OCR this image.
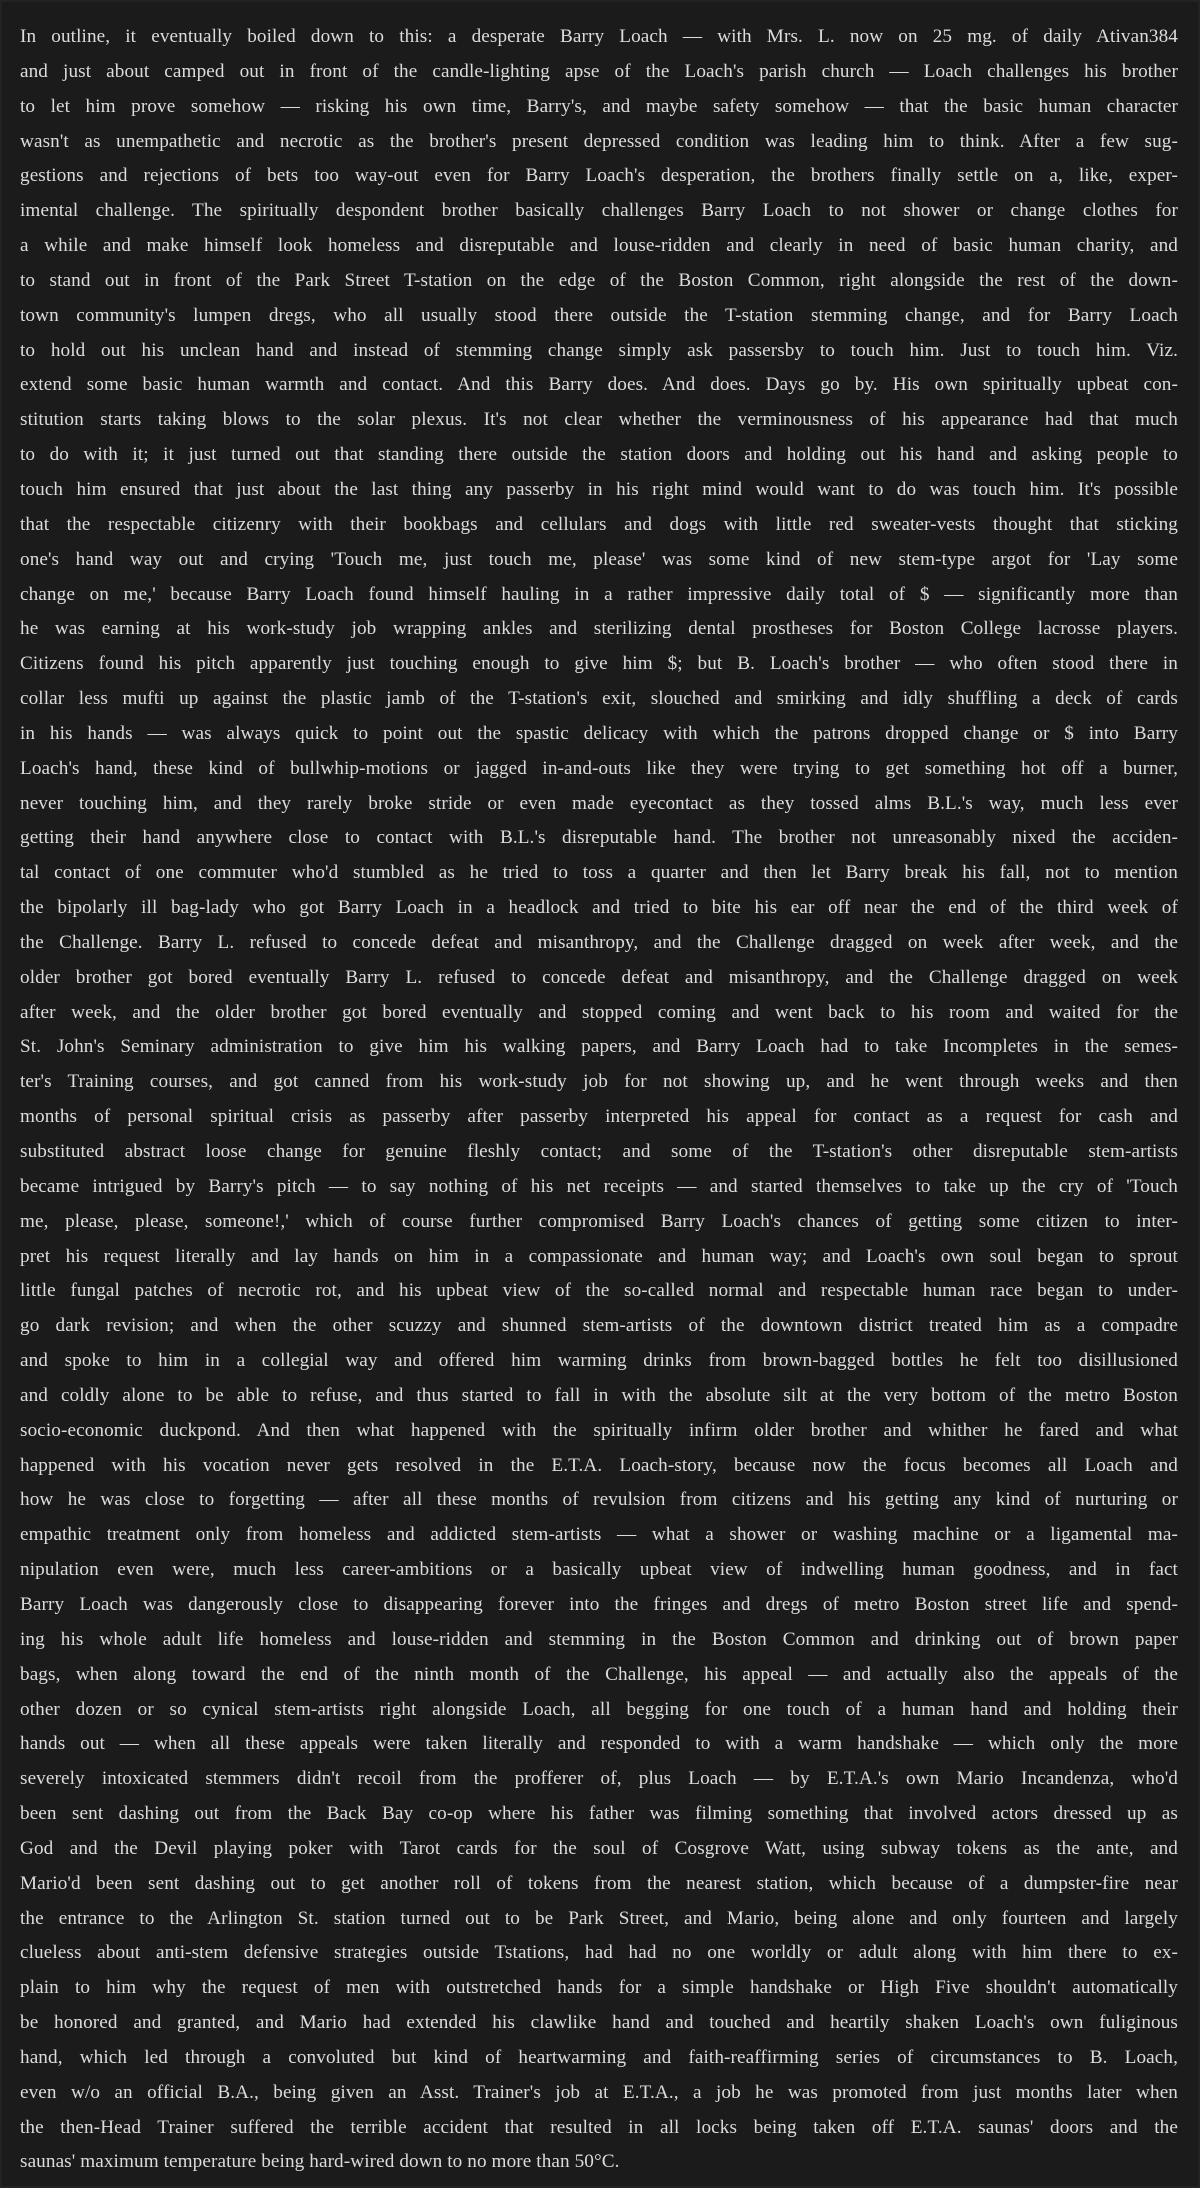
In outline, it eventually boiled down to this: a desperate Barry Loach — with Mrs. L. now on 25 mg. of daily Ativan384
and just about camped out in front of the candle-lighting apse of the Loach's parish church — Loach challenges his brother
to let him prove somehow — risking his own time, Barry's, and maybe safety somehow — that the basic human character
wasn't as unempathetic and necrotic as the brother's present depressed condition was leading him to think. After a few sug-
gestions and rejections of bets too way-out even for Barry Loach's desperation, the brothers finally settle on a, like, exper-
imental challenge. The spiritually despondent brother basically challenges Barry Loach to not shower or change clothes for
a while and make himself look homeless and disreputable and louse-ridden and clearly in need of basic human charity, and
to stand out in front of the Park Street T-station on the edge of the Boston Common, right alongside the rest of the down-
town community's lumpen dregs, who all usually stood there outside the T-station stemming change, and for Barry Loach
to hold out his unclean hand and instead of stemming change simply ask passersby to touch him. Just to touch him. Viz.
extend some basic human warmth and contact. And this Barry does. And does. Days go by. His own spiritually upbeat con-
stitution starts taking blows to the solar plexus. It's not clear whether the verminousness of his appearance had that much
to do with it; it just turned out that standing there outside the station doors and holding out his hand and asking people to
touch him ensured that just about the last thing any passerby in his right mind would want to do was touch him. It's possible
that the respectable citizenry with their bookbags and cellulars and dogs with little red sweater-vests thought that sticking
one's hand way out and crying 'Touch me, just touch me, please' was some kind of new stem-type argot for 'Lay some
change on me,' because Barry Loach found himself hauling in a rather impressive daily total of $ — significantly more than
he was earning at his work-study job wrapping ankles and sterilizing dental prostheses for Boston College lacrosse players.
Citizens found his pitch apparently just touching enough to give him $; but B. Loach's brother — who often stood there in
collar less mufti up against the plastic jamb of the T-station's exit, slouched and smirking and idly shuffling a deck of cards
in his hands — was always quick to point out the spastic delicacy with which the patrons dropped change or $ into Barry
Loach's hand, these kind of bullwhip-motions or jagged in-and-outs like they were trying to get something hot off a burner,
never touching him, and they rarely broke stride or even made eyecontact as they tossed alms B.L.'s way, much less ever
getting their hand anywhere close to contact with B.L.'s disreputable hand. The brother not unreasonably nixed the acciden-
tal contact of one commuter who'd stumbled as he tried to toss a quarter and then let Barry break his fall, not to mention
the bipolarly ill bag-lady who got Barry Loach in a headlock and tried to bite his ear off near the end of the third week of
the Challenge. Barry L. refused to concede defeat and misanthropy, and the Challenge dragged on week after week, and the
older brother got bored eventually Barry L. refused to concede defeat and misanthropy, and the Challenge dragged on week
after week, and the older brother got bored eventually and stopped coming and went back to his room and waited for the
St. John's Seminary administration to give him his walking papers, and Barry Loach had to take Incompletes in the semes-
ter's Training courses, and got canned from his work-study job for not showing up, and he went through weeks and then
months of personal spiritual crisis as passerby after passerby interpreted his appeal for contact as a request for cash and
substituted abstract loose change for genuine fleshly contact; and some of the T-station's other disreputable stem-artists
became intrigued by Barry's pitch — to say nothing of his net receipts — and started themselves to take up the cry of 'Touch
me, please, please, someone!,' which of course further compromised Barry Loach's chances of getting some citizen to inter-
pret his request literally and lay hands on him in a compassionate and human way; and Loach's own soul began to sprout
little fungal patches of necrotic rot, and his upbeat view of the so-called normal and respectable human race began to under-
go dark revision; and when the other scuzzy and shunned stem-artists of the downtown district treated him as a compadre
and spoke to him in a collegial way and offered him warming drinks from brown-bagged bottles he felt too disillusioned
and coldly alone to be able to refuse, and thus started to fall in with the absolute silt at the very bottom of the metro Boston
socio-economic duckpond. And then what happened with the spiritually infirm older brother and whither he fared and what
happened with his vocation never gets resolved in the E.T.A. Loach-story, because now the focus becomes all Loach and
how he was close to forgetting — after all these months of revulsion from citizens and his getting any kind of nurturing or
empathic treatment only from homeless and addicted stem-artists — what a shower or washing machine or a ligamental ma-
nipulation even were, much less career-ambitions or a basically upbeat view of indwelling human goodness, and in fact
Barry Loach was dangerously close to disappearing forever into the fringes and dregs of metro Boston street life and spend-
ing his whole adult life homeless and louse-ridden and stemming in the Boston Common and drinking out of brown paper
bags, when along toward the end of the ninth month of the Challenge, his appeal — and actually also the appeals of the
other dozen or so cynical stem-artists right alongside Loach, all begging for one touch of a human hand and holding their
hands out — when all these appeals were taken literally and responded to with a warm handshake — which only the more
severely intoxicated stemmers didn't recoil from the profferer of, plus Loach — by E.T.A.'s own Mario Incandenza, who'd
been sent dashing out from the Back Bay co-op where his father was filming something that involved actors dressed up as
God and the Devil playing poker with Tarot cards for the soul of Cosgrove Watt, using subway tokens as the ante, and
Mario'd been sent dashing out to get another roll of tokens from the nearest station, which because of a dumpster-fire near
the entrance to the Arlington St. station turned out to be Park Street, and Mario, being alone and only fourteen and largely
clueless about anti-stem defensive strategies outside Tstations, had had no one worldly or adult along with him there to ex-
plain to him why the request of men with outstretched hands for a simple handshake or High Five shouldn't automatically
be honored and granted, and Mario had extended his clawlike hand and touched and heartily shaken Loach's own fuliginous
hand, which led through a convoluted but kind of heartwarming and faith-reaffirming series of circumstances to B. Loach,
even w/o an official B.A., being given an Asst. Trainer's job at E.T.A., a job he was promoted from just months later when
the then-Head Trainer suffered the terrible accident that resulted in all locks being taken off E.T.A. saunas' doors and the
saunas' maximum temperature being hard-wired down to no more than 50°C.
